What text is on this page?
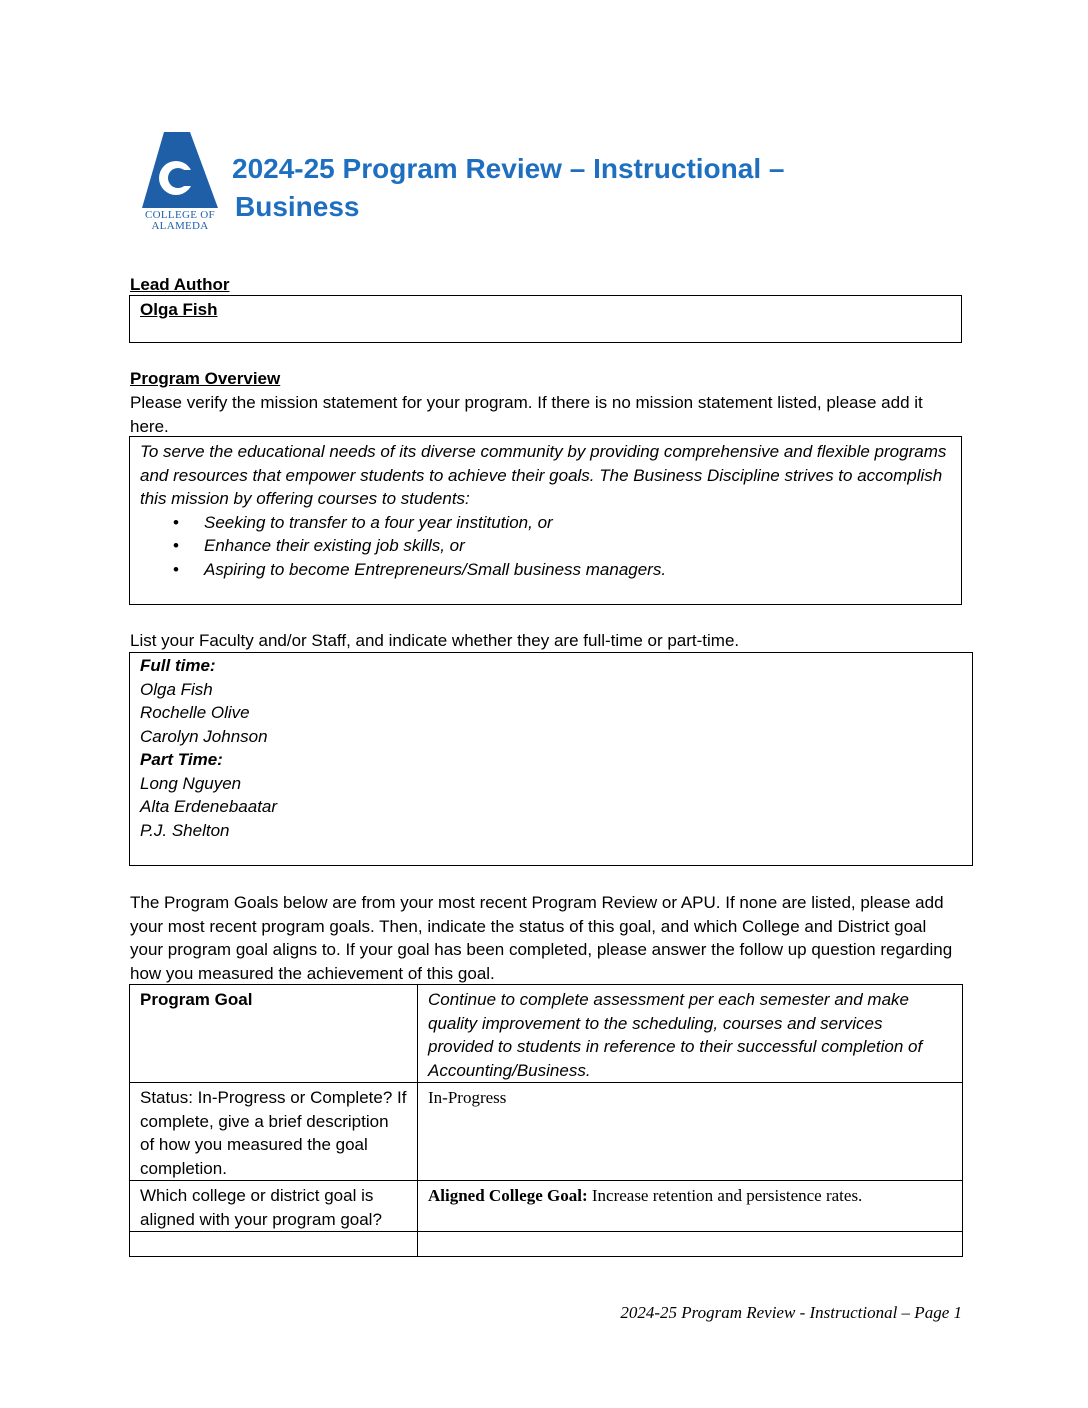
COLLEGE OF
ALAMEDA
2024-25 Program Review – Instructional –
Business
Lead Author
Olga Fish
Program Overview
Please verify the mission statement for your program. If there is no mission statement listed, please add it here.
To serve the educational needs of its diverse community by providing comprehensive and flexible programs and resources that empower students to achieve their goals. The Business Discipline strives to accomplish this mission by offering courses to students:
• Seeking to transfer to a four year institution, or
• Enhance their existing job skills, or
• Aspiring to become Entrepreneurs/Small business managers.
List your Faculty and/or Staff, and indicate whether they are full-time or part-time.
Full time:
Olga Fish
Rochelle Olive
Carolyn Johnson
Part Time:
Long Nguyen
Alta Erdenebaatar
P.J. Shelton
The Program Goals below are from your most recent Program Review or APU. If none are listed, please add your most recent program goals. Then, indicate the status of this goal, and which College and District goal your program goal aligns to. If your goal has been completed, please answer the follow up question regarding how you measured the achievement of this goal.
Program Goal	Continue to complete assessment per each semester and make quality improvement to the scheduling, courses and services provided to students in reference to their successful completion of Accounting/Business.
Status: In-Progress or Complete? If complete, give a brief description of how you measured the goal completion.	In-Progress
Which college or district goal is aligned with your program goal?	Aligned College Goal: Increase retention and persistence rates.

2024-25 Program Review - Instructional – Page 1
